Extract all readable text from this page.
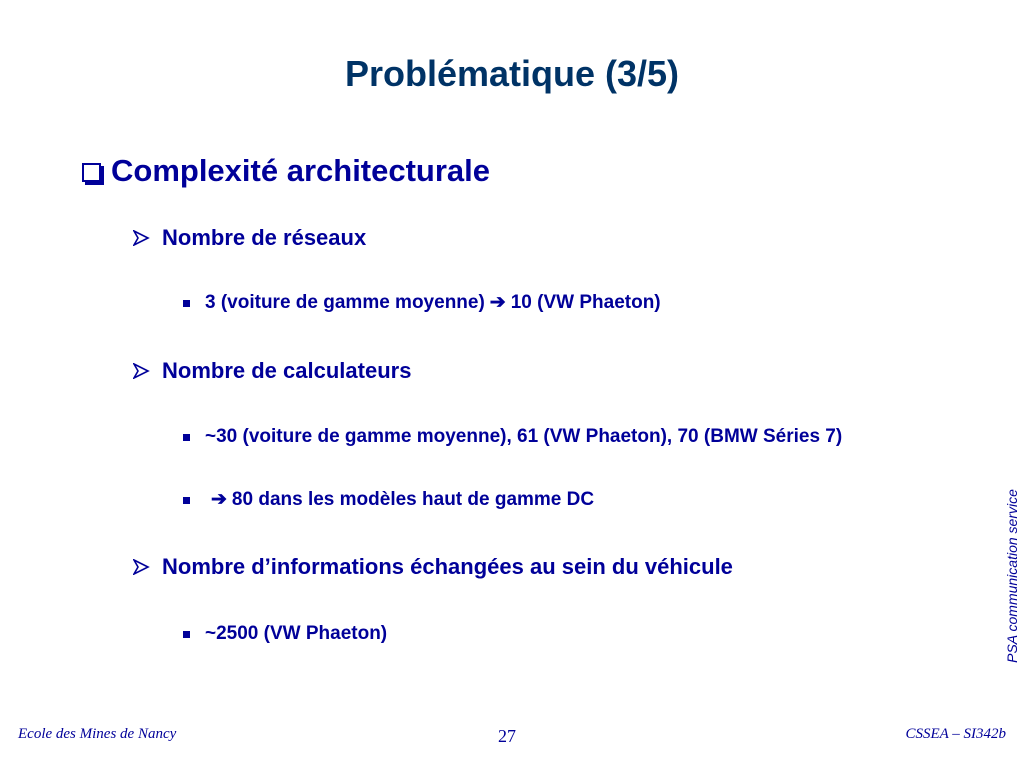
Problématique (3/5)
Complexité architecturale
Nombre de réseaux
3 (voiture de gamme moyenne) ➔ 10 (VW Phaeton)
Nombre de calculateurs
~30 (voiture de gamme moyenne), 61 (VW Phaeton), 70 (BMW Séries 7)
➔ 80 dans les modèles haut de gamme DC
Nombre d’informations échangées au sein du véhicule
~2500 (VW Phaeton)	PSA communication service
Ecole des Mines de Nancy	27	CSSEA – SI342b
